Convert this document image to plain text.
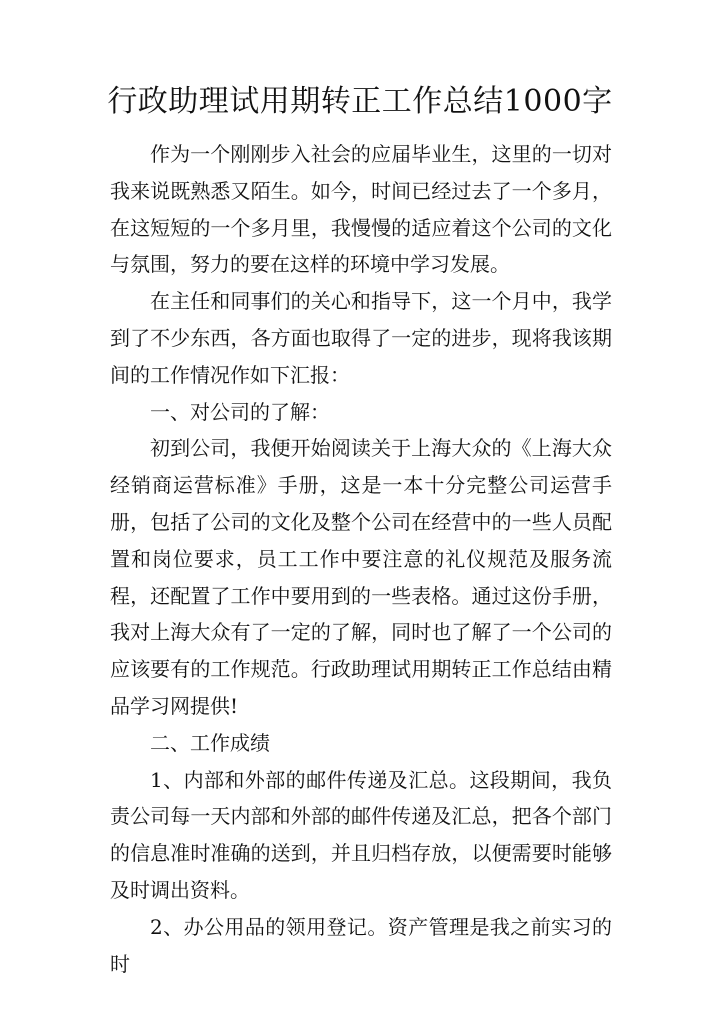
行政助理试用期转正工作总结1000字

作为一个刚刚步入社会的应届毕业生，这里的一切对我来说既熟悉又陌生。如今，时间已经过去了一个多月，在这短短的一个多月里，我慢慢的适应着这个公司的文化与氛围，努力的要在这样的环境中学习发展。

在主任和同事们的关心和指导下，这一个月中，我学到了不少东西，各方面也取得了一定的进步，现将我该期间的工作情况作如下汇报：

一、对公司的了解：

初到公司，我便开始阅读关于上海大众的《上海大众经销商运营标准》手册，这是一本十分完整公司运营手册，包括了公司的文化及整个公司在经营中的一些人员配置和岗位要求，员工工作中要注意的礼仪规范及服务流程，还配置了工作中要用到的一些表格。通过这份手册，我对上海大众有了一定的了解，同时也了解了一个公司的应该要有的工作规范。行政助理试用期转正工作总结由精品学习网提供!

二、工作成绩

1、内部和外部的邮件传递及汇总。这段期间，我负责公司每一天内部和外部的邮件传递及汇总，把各个部门的信息准时准确的送到，并且归档存放，以便需要时能够及时调出资料。

2、办公用品的领用登记。资产管理是我之前实习的时
